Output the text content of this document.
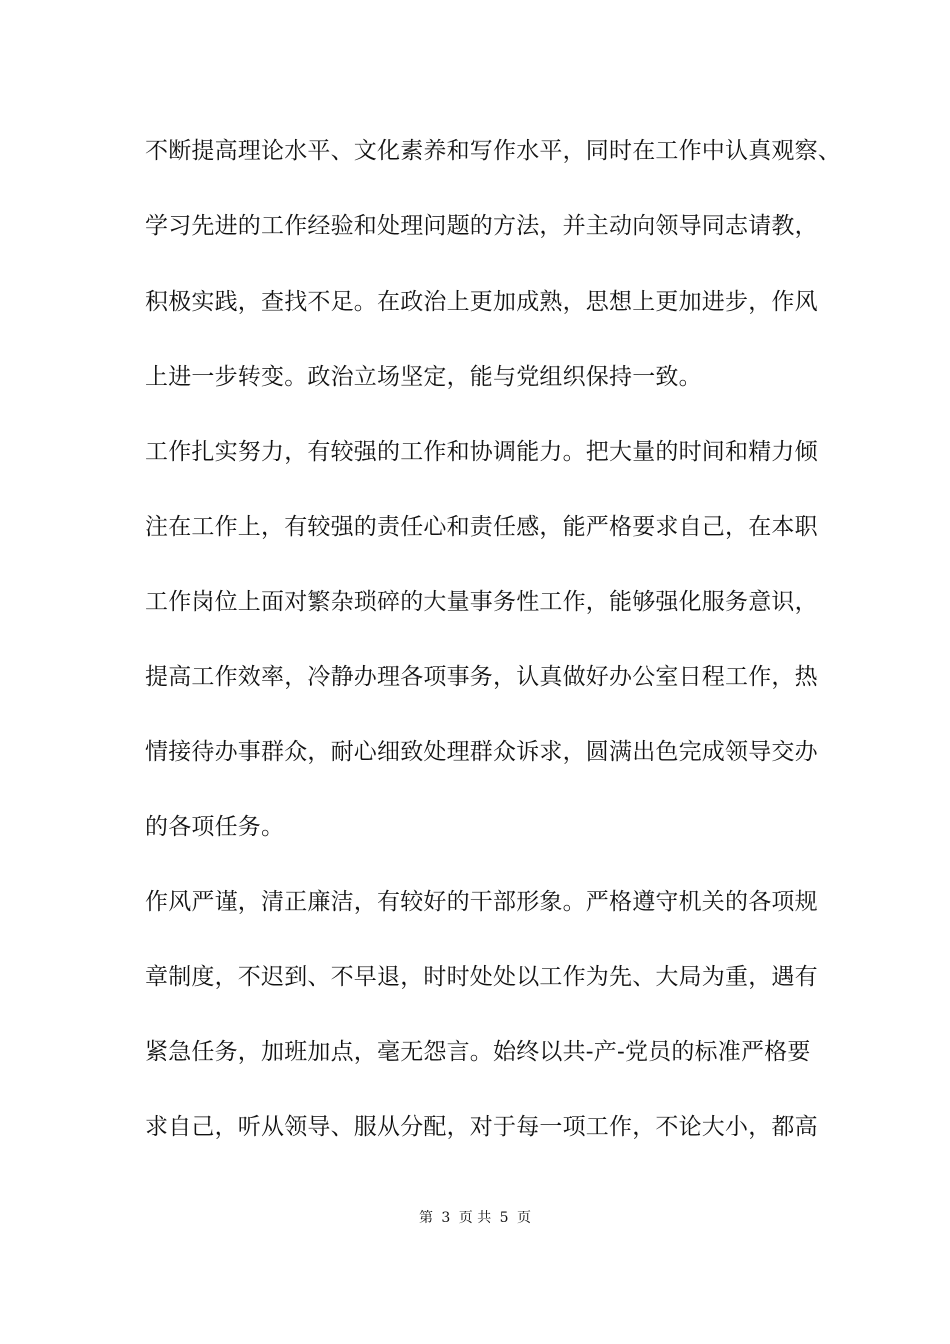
不断提高理论水平、文化素养和写作水平，同时在工作中认真观察、
学习先进的工作经验和处理问题的方法，并主动向领导同志请教，
积极实践，查找不足。在政治上更加成熟，思想上更加进步，作风
上进一步转变。政治立场坚定，能与党组织保持一致。
工作扎实努力，有较强的工作和协调能力。把大量的时间和精力倾
注在工作上，有较强的责任心和责任感，能严格要求自己，在本职
工作岗位上面对繁杂琐碎的大量事务性工作，能够强化服务意识，
提高工作效率，冷静办理各项事务，认真做好办公室日程工作，热
情接待办事群众，耐心细致处理群众诉求，圆满出色完成领导交办
的各项任务。
作风严谨，清正廉洁，有较好的干部形象。严格遵守机关的各项规
章制度，不迟到、不早退，时时处处以工作为先、大局为重，遇有
紧急任务，加班加点，毫无怨言。始终以共-产-党员的标准严格要
求自己，听从领导、服从分配，对于每一项工作，不论大小，都高
第 3 页 共 5 页
